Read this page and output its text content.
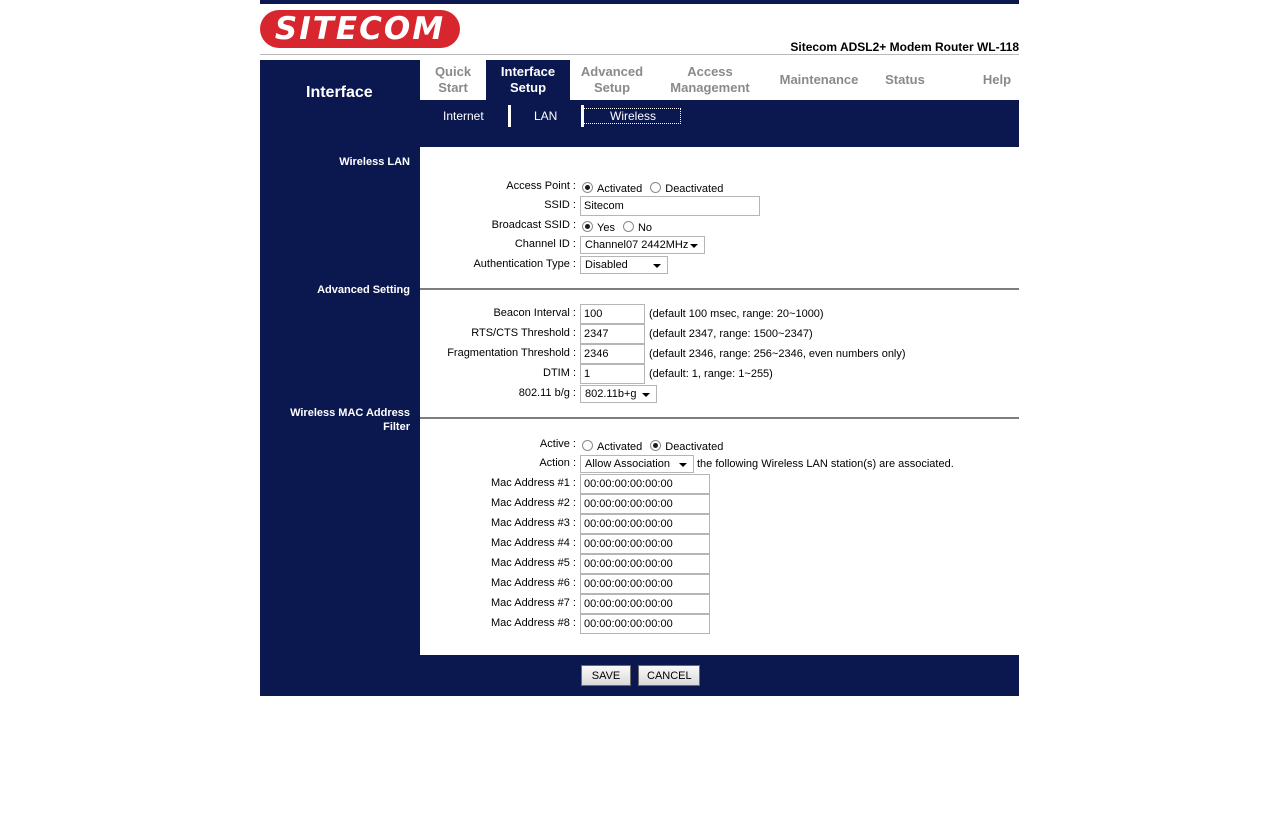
SITECOM	Sitecom ADSL2+ Modem Router WL-118
Interface
Wireless LAN
Advanced Setting
Wireless MAC Address Filter
Quick Start
Interface Setup
Advanced Setup
Access Management
Maintenance	Status	Help
Internet	LAN	Wireless
Access Point : Activated Deactivated
SSID :
Sitecom
Broadcast SSID : Yes No
Channel ID : Channel07 2442MHz
Authentication Type : Disabled
Beacon Interval :
100	(default 100 msec, range: 20~1000)
RTS/CTS Threshold :
2347	(default 2347, range: 1500~2347)
Fragmentation Threshold :
2346	(default 2346, range: 256~2346, even numbers only)
DTIM :
1	(default: 1, range: 1~255)
802.11 b/g : 802.11b+g
Active : Activated Deactivated
Action : Allow Association the following Wireless LAN station(s) are associated.
Mac Address #1 :
00:00:00:00:00:00
Mac Address #2 :
00:00:00:00:00:00
Mac Address #3 :
00:00:00:00:00:00
Mac Address #4 :
00:00:00:00:00:00
Mac Address #5 :
00:00:00:00:00:00
Mac Address #6 :
00:00:00:00:00:00
Mac Address #7 :
00:00:00:00:00:00
Mac Address #8 :
00:00:00:00:00:00
SAVE	CANCEL
